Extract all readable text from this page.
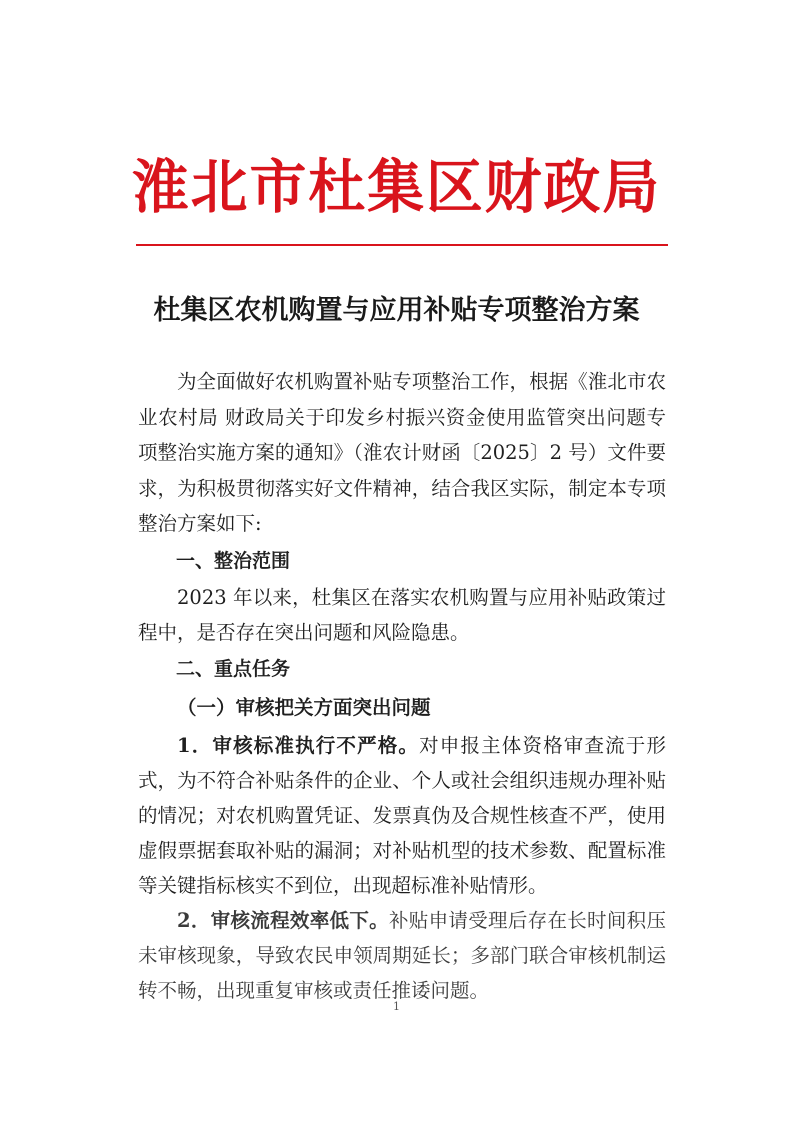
淮北市杜集区财政局
杜集区农机购置与应用补贴专项整治方案

为全面做好农机购置补贴专项整治工作，根据《淮北市农业农村局 财政局关于印发乡村振兴资金使用监管突出问题专项整治实施方案的通知》（淮农计财函〔2025〕2 号）文件要求，为积极贯彻落实好文件精神，结合我区实际，制定本专项整治方案如下:

一、整治范围

2023 年以来，杜集区在落实农机购置与应用补贴政策过程中，是否存在突出问题和风险隐患。

二、重点任务

（一）审核把关方面突出问题

1．审核标准执行不严格。对申报主体资格审查流于形式，为不符合补贴条件的企业、个人或社会组织违规办理补贴的情况；对农机购置凭证、发票真伪及合规性核查不严，使用虚假票据套取补贴的漏洞；对补贴机型的技术参数、配置标准等关键指标核实不到位，出现超标准补贴情形。

2．审核流程效率低下。补贴申请受理后存在长时间积压未审核现象，导致农民申领周期延长；多部门联合审核机制运转不畅，出现重复审核或责任推诿问题。

1
